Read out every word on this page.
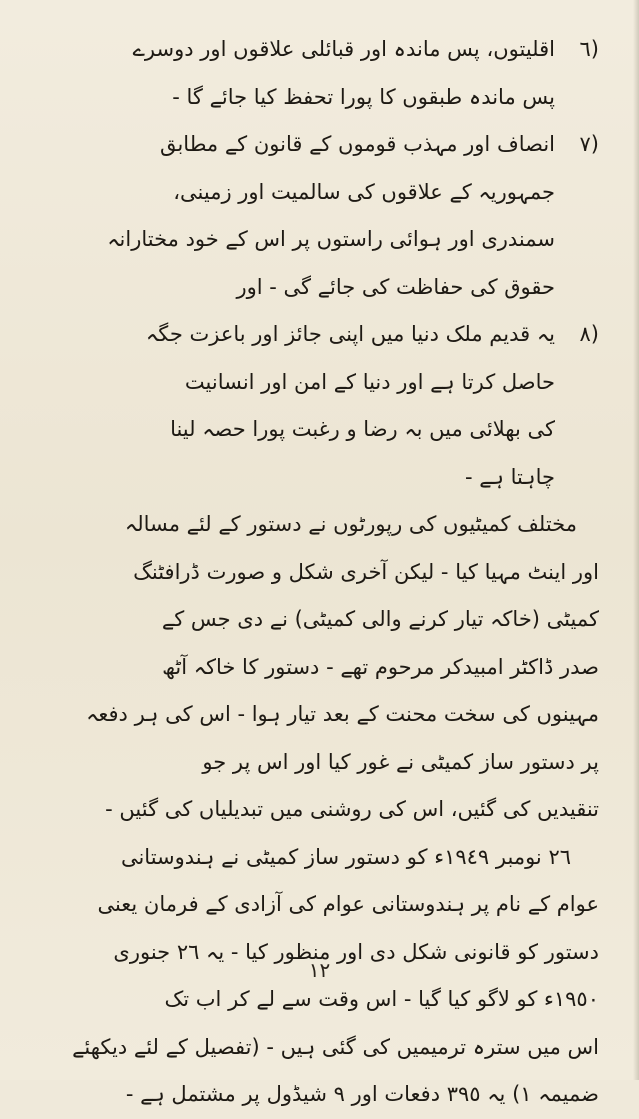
(٦اقلیتوں، پس ماندہ اور قبائلی علاقوں اور دوسرے
پس ماندہ طبقوں کا پورا تحفظ کیا جائے گا -
(٧انصاف اور مہذب قوموں کے قانون کے مطابق
جمہوریہ کے علاقوں کی سالمیت اور زمینی،
سمندری اور ہوائی راستوں پر اس کے خود مختارانہ
حقوق کی حفاظت کی جائے گی - اور
(٨یہ قدیم ملک دنیا میں اپنی جائز اور باعزت جگہ
حاصل کرتا ہے اور دنیا کے امن اور انسانیت
کی بھلائی میں بہ رضا و رغبت پورا حصہ لینا
چاہتا ہے -
مختلف کمیٹیوں کی رپورٹوں نے دستور کے لئے مسالہ
اور اینٹ مہیا کیا - لیکن آخری شکل و صورت ڈرافٹنگ
کمیٹی (خاکہ تیار کرنے والی کمیٹی) نے دی جس کے
صدر ڈاکٹر امبیدکر مرحوم تھے - دستور کا خاکہ آٹھ
مہینوں کی سخت محنت کے بعد تیار ہوا - اس کی ہر دفعہ
پر دستور ساز کمیٹی نے غور کیا اور اس پر جو
تنقیدیں کی گئیں، اس کی روشنی میں تبدیلیاں کی گئیں -
٢٦ نومبر ١٩٤٩ء کو دستور ساز کمیٹی نے ہندوستانی
عوام کے نام پر ہندوستانی عوام کی آزادی کے فرمان یعنی
دستور کو قانونی شکل دی اور منظور کیا - یہ ٢٦ جنوری
١٩٥٠ء کو لاگو کیا گیا - اس وقت سے لے کر اب تک
اس میں سترہ ترمیمیں کی گئی ہیں - (تفصیل کے لئے دیکھئے
ضمیمہ ١) یہ ٣٩٥ دفعات اور ٩ شیڈول پر مشتمل ہے -
١٢
